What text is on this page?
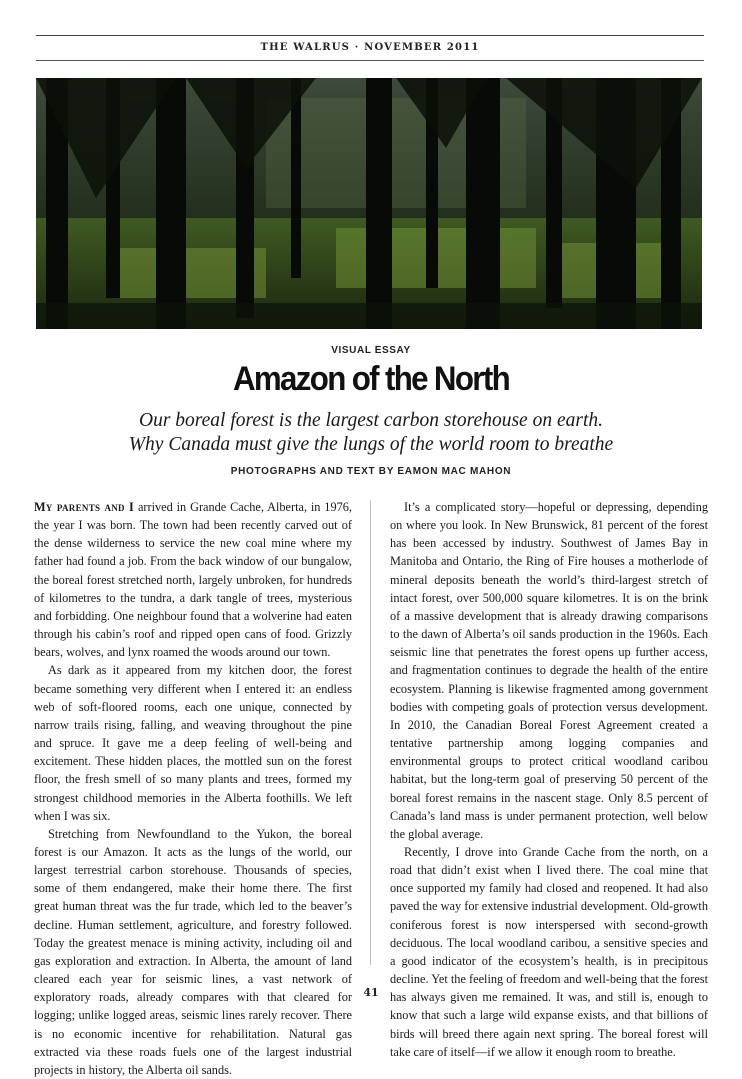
THE WALRUS · NOVEMBER 2011
VISUAL ESSAY
Amazon of the North
Our boreal forest is the largest carbon storehouse on earth.
Why Canada must give the lungs of the world room to breathe
PHOTOGRAPHS AND TEXT BY EAMON MAC MAHON

My parents and I arrived in Grande Cache, Alberta, in 1976, the year I was born. The town had been recently carved out of the dense wilderness to service the new coal mine where my father had found a job. From the back window of our bungalow, the boreal forest stretched north, largely unbroken, for hundreds of kilometres to the tundra, a dark tangle of trees, mysterious and forbidding. One neighbour found that a wolverine had eaten through his cabin’s roof and ripped open cans of food. Grizzly bears, wolves, and lynx roamed the woods around our town.

As dark as it appeared from my kitchen door, the forest became something very different when I entered it: an endless web of soft-floored rooms, each one unique, connected by narrow trails rising, falling, and weaving throughout the pine and spruce. It gave me a deep feeling of well-being and excitement. These hidden places, the mottled sun on the forest floor, the fresh smell of so many plants and trees, formed my strongest childhood memories in the Alberta foothills. We left when I was six.

Stretching from Newfoundland to the Yukon, the boreal forest is our Amazon. It acts as the lungs of the world, our largest terrestrial carbon storehouse. Thousands of species, some of them endangered, make their home there. The first great human threat was the fur trade, which led to the beaver’s decline. Human settlement, agriculture, and forestry followed. Today the greatest menace is mining activity, including oil and gas exploration and extraction. In Alberta, the amount of land cleared each year for seismic lines, a vast network of exploratory roads, already compares with that cleared for logging; unlike logged areas, seismic lines rarely recover. There is no economic incentive for rehabilitation. Natural gas extracted via these roads fuels one of the largest industrial projects in history, the Alberta oil sands.

It’s a complicated story—hopeful or depressing, depending on where you look. In New Brunswick, 81 percent of the forest has been accessed by industry. Southwest of James Bay in Manitoba and Ontario, the Ring of Fire houses a motherlode of mineral deposits beneath the world’s third-largest stretch of intact forest, over 500,000 square kilometres. It is on the brink of a massive development that is already drawing comparisons to the dawn of Alberta’s oil sands production in the 1960s. Each seismic line that penetrates the forest opens up further access, and fragmentation continues to degrade the health of the entire ecosystem. Planning is likewise fragmented among government bodies with competing goals of protection versus development. In 2010, the Canadian Boreal Forest Agreement created a tentative partnership among logging companies and environmental groups to protect critical woodland caribou habitat, but the long-term goal of preserving 50 percent of the boreal forest remains in the nascent stage. Only 8.5 percent of Canada’s land mass is under permanent protection, well below the global average.

Recently, I drove into Grande Cache from the north, on a road that didn’t exist when I lived there. The coal mine that once supported my family had closed and reopened. It had also paved the way for extensive industrial development. Old-growth coniferous forest is now interspersed with second-growth deciduous. The local woodland caribou, a sensitive species and a good indicator of the ecosystem’s health, is in precipitous decline. Yet the feeling of freedom and well-being that the forest has always given me remained. It was, and still is, enough to know that such a large wild expanse exists, and that billions of birds will breed there again next spring. The boreal forest will take care of itself—if we allow it enough room to breathe.

41
